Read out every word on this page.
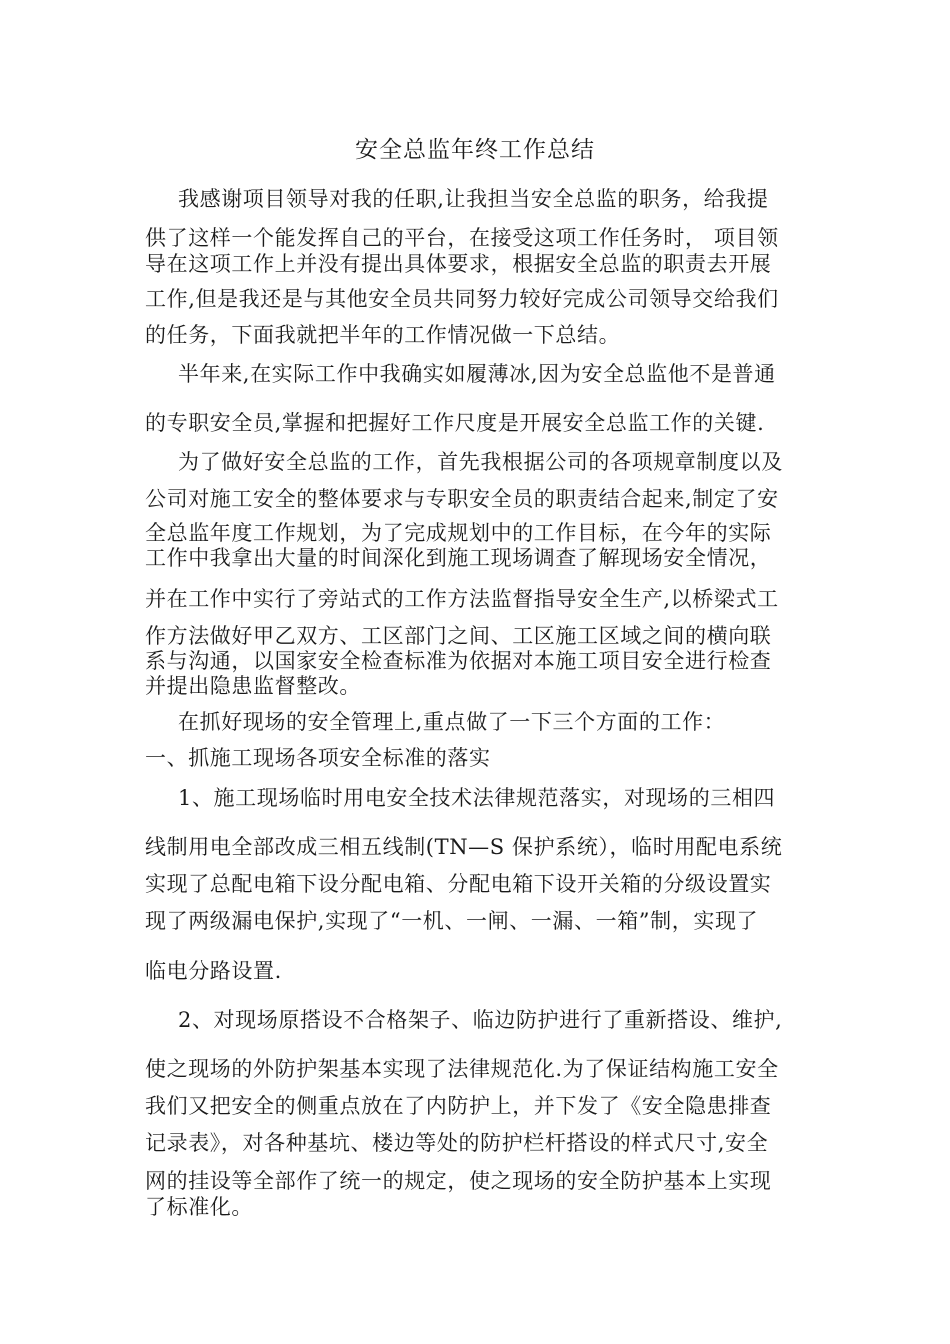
安全总监年终工作总结
我感谢项目领导对我的任职,让我担当安全总监的职务，给我提
供了这样一个能发挥自己的平台，在接受这项工作任务时， 项目领
导在这项工作上并没有提出具体要求，根据安全总监的职责去开展
工作,但是我还是与其他安全员共同努力较好完成公司领导交给我们
的任务，下面我就把半年的工作情况做一下总结。
半年来,在实际工作中我确实如履薄冰,因为安全总监他不是普通
的专职安全员,掌握和把握好工作尺度是开展安全总监工作的关键.
为了做好安全总监的工作，首先我根据公司的各项规章制度以及
公司对施工安全的整体要求与专职安全员的职责结合起来,制定了安
全总监年度工作规划，为了完成规划中的工作目标，在今年的实际
工作中我拿出大量的时间深化到施工现场调查了解现场安全情况，
并在工作中实行了旁站式的工作方法监督指导安全生产,以桥梁式工
作方法做好甲乙双方、工区部门之间、工区施工区域之间的横向联
系与沟通，以国家安全检查标准为依据对本施工项目安全进行检查
并提出隐患监督整改。
在抓好现场的安全管理上,重点做了一下三个方面的工作：
一、抓施工现场各项安全标准的落实
1、施工现场临时用电安全技术法律规范落实，对现场的三相四
线制用电全部改成三相五线制(TN—S 保护系统），临时用配电系统
实现了总配电箱下设分配电箱、分配电箱下设开关箱的分级设置实
现了两级漏电保护,实现了“一机、一闸、一漏、一箱”制，实现了
临电分路设置.
2、对现场原搭设不合格架子、临边防护进行了重新搭设、维护,
使之现场的外防护架基本实现了法律规范化.为了保证结构施工安全
我们又把安全的侧重点放在了内防护上，并下发了《安全隐患排查
记录表》，对各种基坑、楼边等处的防护栏杆搭设的样式尺寸,安全
网的挂设等全部作了统一的规定，使之现场的安全防护基本上实现
了标准化。
